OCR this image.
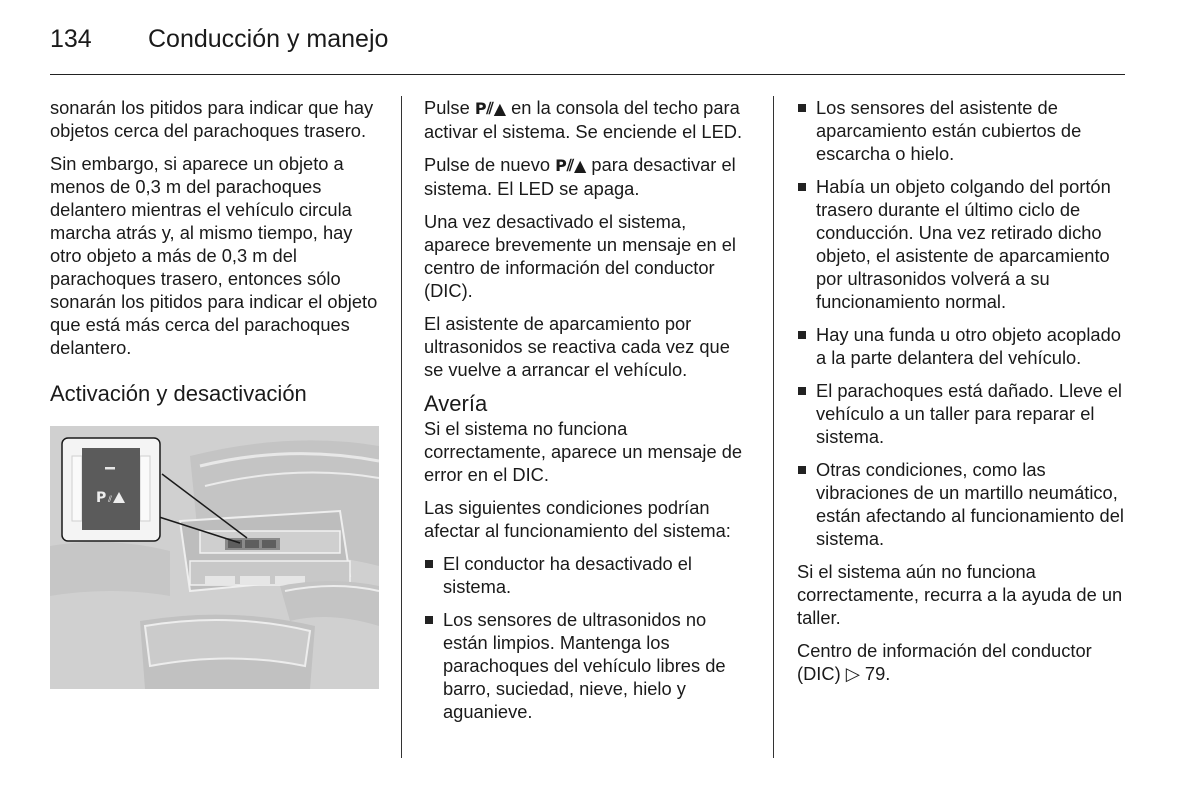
134 Conducción y manejo

sonarán los pitidos para indicar que hay objetos cerca del parachoques trasero.

Sin embargo, si aparece un objeto a menos de 0,3 m del parachoques delantero mientras el vehículo circula marcha atrás y, al mismo tiempo, hay otro objeto a más de 0,3 m del parachoques trasero, entonces sólo sonarán los pitidos para indicar el objeto que está más cerca del parachoques delantero.

Activación y desactivación
P ⫽

Pulse P⫽▲ en la consola del techo para activar el sistema. Se enciende el LED.

Pulse de nuevo P⫽▲ para desactivar el sistema. El LED se apaga.

Una vez desactivado el sistema, aparece brevemente un mensaje en el centro de información del conductor (DIC).

El asistente de aparcamiento por ultrasonidos se reactiva cada vez que se vuelve a arrancar el vehículo.

Avería

Si el sistema no funciona correctamente, aparece un mensaje de error en el DIC.

Las siguientes condiciones podrían afectar al funcionamiento del sistema:

El conductor ha desactivado el sistema.
Los sensores de ultrasonidos no están limpios. Mantenga los parachoques del vehículo libres de barro, suciedad, nieve, hielo y aguanieve.
Los sensores del asistente de aparcamiento están cubiertos de escarcha o hielo.
Había un objeto colgando del portón trasero durante el último ciclo de conducción. Una vez retirado dicho objeto, el asistente de aparcamiento por ultrasonidos volverá a su funcionamiento normal.
Hay una funda u otro objeto acoplado a la parte delantera del vehículo.
El parachoques está dañado. Lleve el vehículo a un taller para reparar el sistema.
Otras condiciones, como las vibraciones de un martillo neumático, están afectando al funcionamiento del sistema.

Si el sistema aún no funciona correctamente, recurra a la ayuda de un taller.

Centro de información del conductor (DIC) ▷ 79.
